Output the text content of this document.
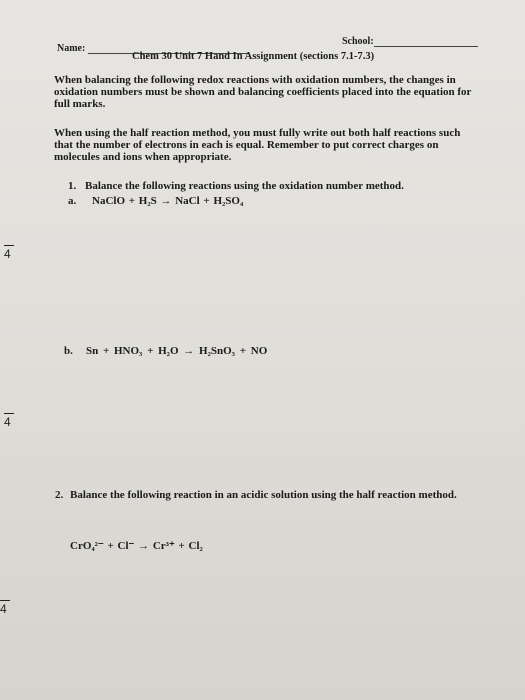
Name:
School:
Chem 30 Unit 7 Hand In Assignment (sections 7.1-7.3)
When balancing the following redox reactions with oxidation numbers, the changes in oxidation numbers must be shown and balancing coefficients placed into the equation for full marks.
When using the half reaction method, you must fully write out both half reactions such that the number of electrons in each is equal. Remember to put correct charges on molecules and ions when appropriate.
1. Balance the following reactions using the oxidation number method.
a. NaClO + H₂S → NaCl + H₂SO₄
b. Sn + HNO₃ + H₂O → H₂SnO₃ + NO
2. Balance the following reaction in an acidic solution using the half reaction method.
CrO₄²⁻ + Cl⁻ → Cr³⁺ + Cl₂
4
4
4
